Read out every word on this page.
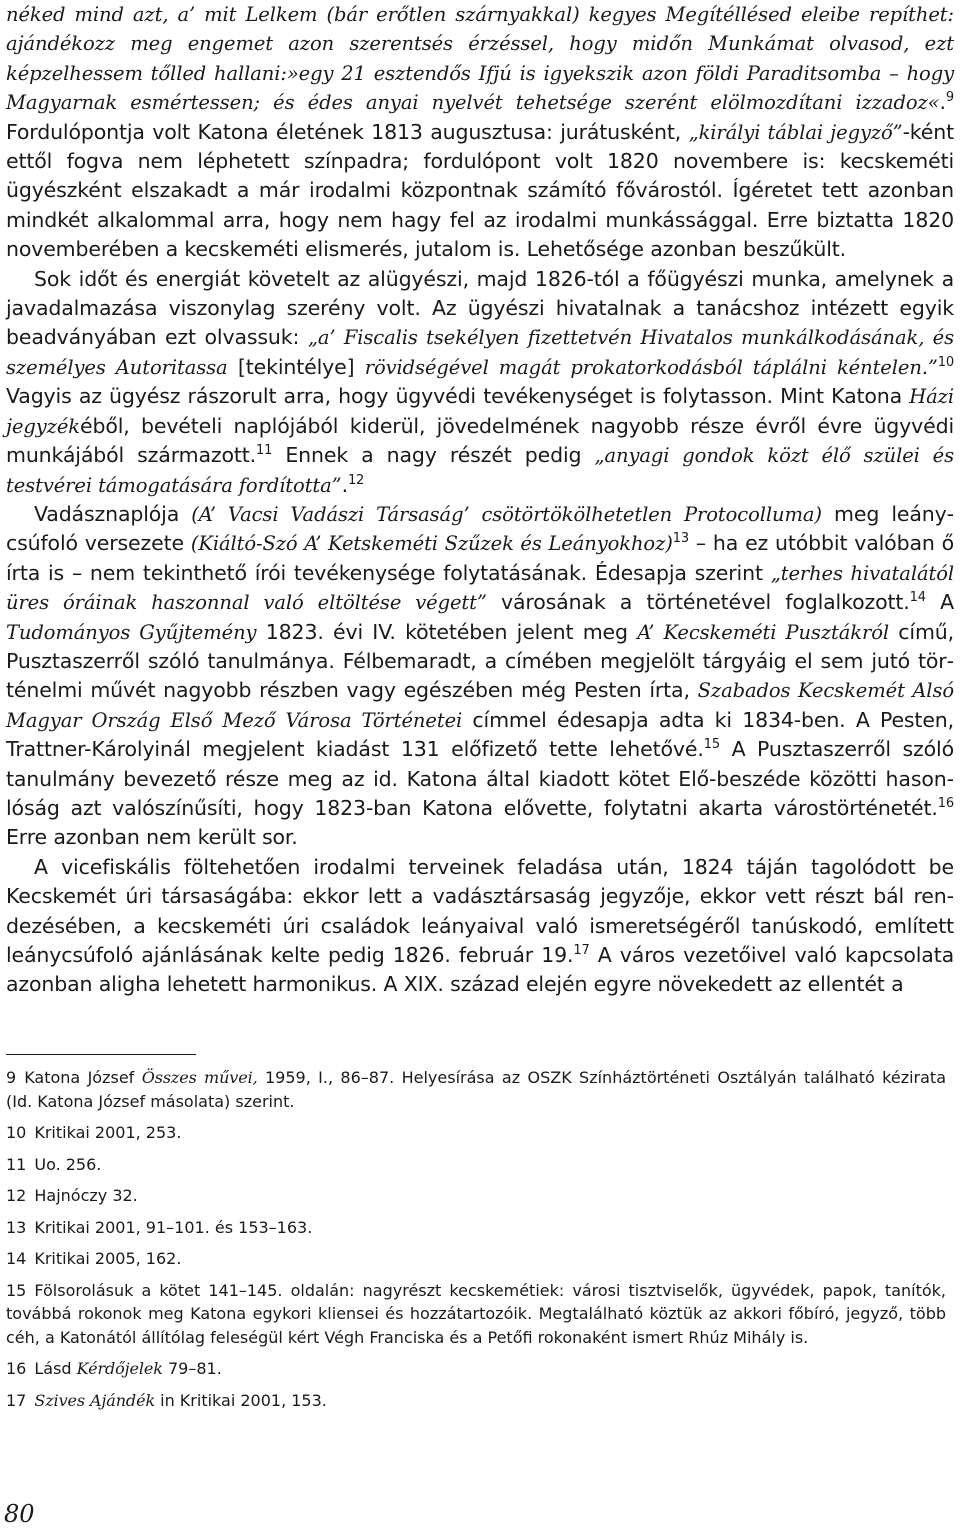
néked mind azt, a’ mit Lelkem (bár erőtlen szárnyakkal) kegyes Megítéllésed eleibe repíthet: ajándékozz meg engemet azon szerentsés érzéssel, hogy midőn Munkámat olvasod, ezt képzelhessem tőlled hallani:»egy 21 esztendős Ifjú is igyekszik azon földi Paraditsomba – hogy Magyarnak esmértessen; és édes anyai nyelvét tehetsége szerént elölmozdítani izzadoz«.$^9$ Fordulópontja volt Katona életének 1813 augusztusa: jurátusként, „királyi táblai jegyző”-ként ettől fogva nem léphetett színpadra; fordulópont volt 1820 novembere is: kecskeméti ügyészként elszakadt a már irodalmi központnak számító fővárostól. Ígéretet tett azonban mindkét alkalommal arra, hogy nem hagy fel az irodalmi munkássággal. Erre biztatta 1820 novemberében a kecskeméti elismerés, jutalom is. Lehetősége azonban beszűkült.

Sok időt és energiát követelt az alügyészi, majd 1826-tól a főügyészi munka, amelynek a javadalmazása viszonylag szerény volt. Az ügyészi hivatalnak a tanácshoz intézett egyik beadványában ezt olvassuk: „a’ Fiscalis tsekélyen fizettetvén Hivatalos munkálkodásának, és személyes Autoritassa [tekintélye] rövidségével magát prokatorkodásból táplálni kéntelen.”$^{10}$ Vagyis az ügyész rászorult arra, hogy ügyvédi tevékenységet is folytasson. Mint Katona Házi jegyzékéből, bevételi naplójából kiderül, jövedelmének nagyobb része évről évre ügyvédi munkájából származott.$^{11}$ Ennek a nagy részét pedig „anyagi gondok közt élő szülei és testvérei támogatására fordította”.$^{12}$

Vadásznaplója (A’ Vacsi Vadászi Társaság’ csötörtökölhetetlen Protocolluma) meg leánycsúfoló versezete (Kiáltó-Szó A’ Ketskeméti Szűzek és Leányokhoz)$^{13}$ – ha ez utóbbit valóban ő írta is – nem tekinthető írói tevékenysége folytatásának. Édesapja szerint „terhes hivatalától üres óráinak haszonnal való eltöltése végett” városának a történetével foglalkozott.$^{14}$ A Tudományos Gyűjtemény 1823. évi IV. kötetében jelent meg A’ Kecskeméti Pusztákról című, Pusztaszerről szóló tanulmánya. Félbemaradt, a címében megjelölt tárgyáig el sem jutó történelmi művét nagyobb részben vagy egészében még Pesten írta, Szabados Kecskemét Alsó Magyar Ország Első Mező Városa Történetei címmel édesapja adta ki 1834-ben. A Pesten, Trattner-Károlyinál megjelent kiadást 131 előfizető tette lehetővé.$^{15}$ A Pusztaszerről szóló tanulmány bevezető része meg az id. Katona által kiadott kötet Elő-beszéde közötti hasonlóság azt valószínűsíti, hogy 1823-ban Katona elővette, folytatni akarta várostörténetét.$^{16}$ Erre azonban nem került sor.

A vicefiskális föltehetően irodalmi terveinek feladása után, 1824 táján tagolódott be Kecskemét úri társaságába: ekkor lett a vadásztársaság jegyzője, ekkor vett részt bál rendezésében, a kecskeméti úri családok leányaival való ismeretségéről tanúskodó, említett leánycsúfoló ajánlásának kelte pedig 1826. február 19.17 A város vezetőivel való kapcsolata azonban aligha lehetett harmonikus. A XIX. század elején egyre növekedett az ellentét a

9  Katona József Összes művei, 1959, I., 86–87. Helyesírása az OSZK Színháztörténeti Osztályán található kézirata (Id. Katona József másolata) szerint.

10  Kritikai 2001, 253.

11  Uo. 256.

12  Hajnóczy 32.

13  Kritikai 2001, 91–101. és 153–163.

14  Kritikai 2005, 162.

15  Fölsorolásuk a kötet 141–145. oldalán: nagyrészt kecskemétiek: városi tisztviselők, ügyvédek, papok, tanítók, továbbá rokonok meg Katona egykori kliensei és hozzátartozóik. Megtalálható köztük az akkori főbíró, jegyző, több céh, a Katonától állítólag feleségül kért Végh Franciska és a Petőfi rokonaként ismert Rhúz Mihály is.

16  Lásd Kérdőjelek 79–81.

17  Szives Ajándék in Kritikai 2001, 153.

80
